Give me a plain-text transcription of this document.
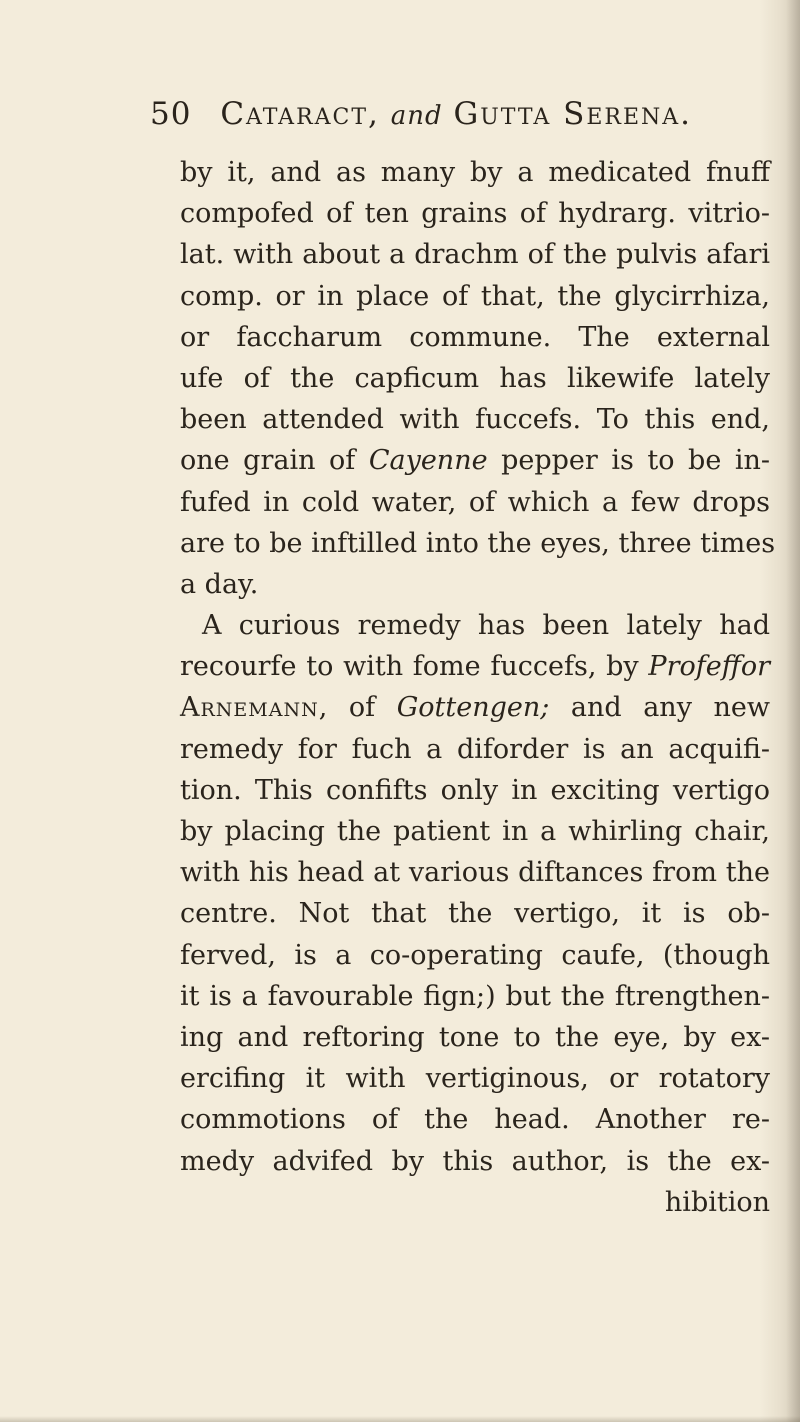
50 Cataract, and Gutta Serena.
by it, and as many by a medicated fnuff
compofed of ten grains of hydrarg. vitrio-
lat. with about a drachm of the pulvis afari
comp. or in place of that, the glycirrhiza,
or faccharum commune. The external
ufe of the capficum has likewife lately
been attended with fuccefs. To this end,
one grain of Cayenne pepper is to be in-
fufed in cold water, of which a few drops
are to be inftilled into the eyes, three times
a day.
A curious remedy has been lately had
recourfe to with fome fuccefs, by Profeffor
Arnemann, of Gottengen; and any new
remedy for fuch a diforder is an acquifi-
tion. This confifts only in exciting vertigo
by placing the patient in a whirling chair,
with his head at various diftances from the
centre. Not that the vertigo, it is ob-
ferved, is a co-operating caufe, (though
it is a favourable fign;) but the ftrengthen-
ing and reftoring tone to the eye, by ex-
ercifing it with vertiginous, or rotatory
commotions of the head. Another re-
medy advifed by this author, is the ex-
hibition
